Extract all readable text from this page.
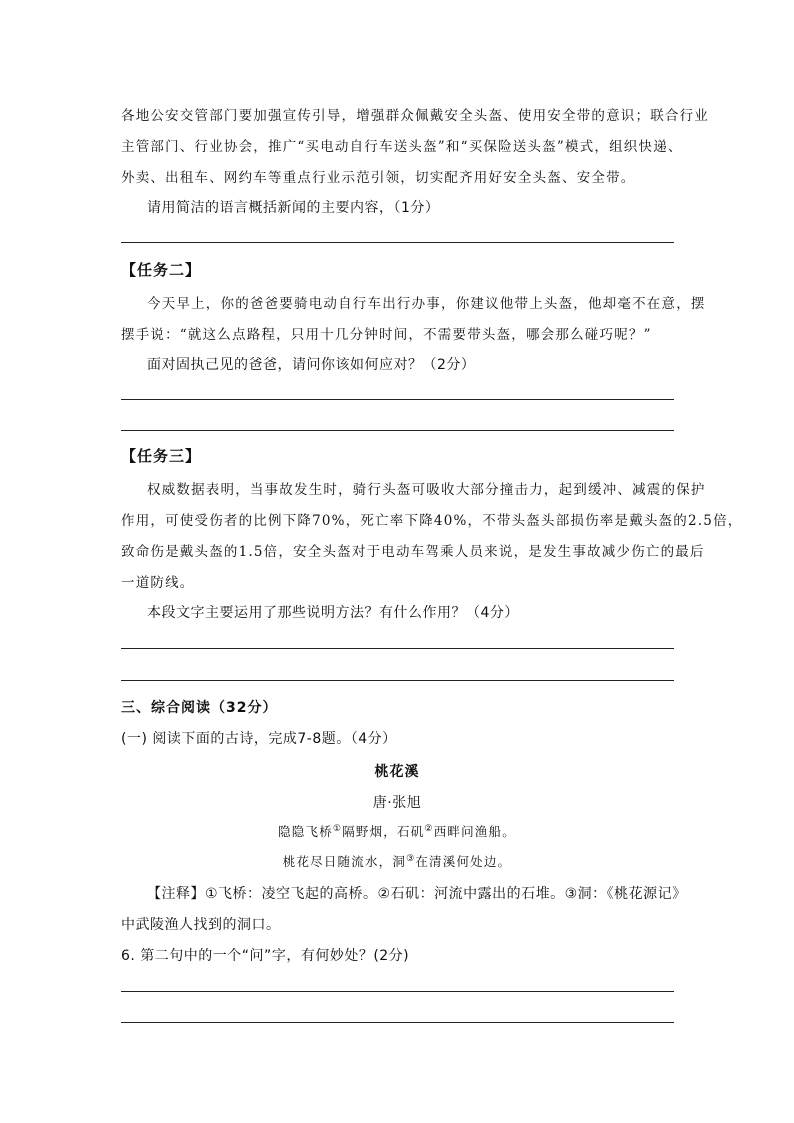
各地公安交管部门要加强宣传引导，增强群众佩戴安全头盔、使用安全带的意识；联合行业
主管部门、行业协会，推广“买电动自行车送头盔”和“买保险送头盔”模式，组织快递、
外卖、出租车、网约车等重点行业示范引领，切实配齐用好安全头盔、安全带。
请用简洁的语言概括新闻的主要内容，（1分）
【任务二】
今天早上，你的爸爸要骑电动自行车出行办事，你建议他带上头盔，他却毫不在意，摆
摆手说：“就这么点路程，只用十几分钟时间，不需要带头盔，哪会那么碰巧呢？”
面对固执己见的爸爸，请问你该如何应对？（2分）
【任务三】
权威数据表明，当事故发生时，骑行头盔可吸收大部分撞击力，起到缓冲、减震的保护
作用，可使受伤者的比例下降70%，死亡率下降40%，不带头盔头部损伤率是戴头盔的2.5倍，
致命伤是戴头盔的1.5倍，安全头盔对于电动车驾乘人员来说，是发生事故减少伤亡的最后
一道防线。
本段文字主要运用了那些说明方法？有什么作用？（4分）
三、综合阅读（32分）
(一) 阅读下面的古诗，完成7-8题。（4分）
桃花溪
唐·张旭
隐隐飞桥①隔野烟，石矶②西畔问渔船。
桃花尽日随流水，洞③在清溪何处边。
【注释】①飞桥：凌空飞起的高桥。②石矶：河流中露出的石堆。③洞：《桃花源记》
中武陵渔人找到的洞口。
6. 第二句中的一个“问”字，有何妙处？(2分)
